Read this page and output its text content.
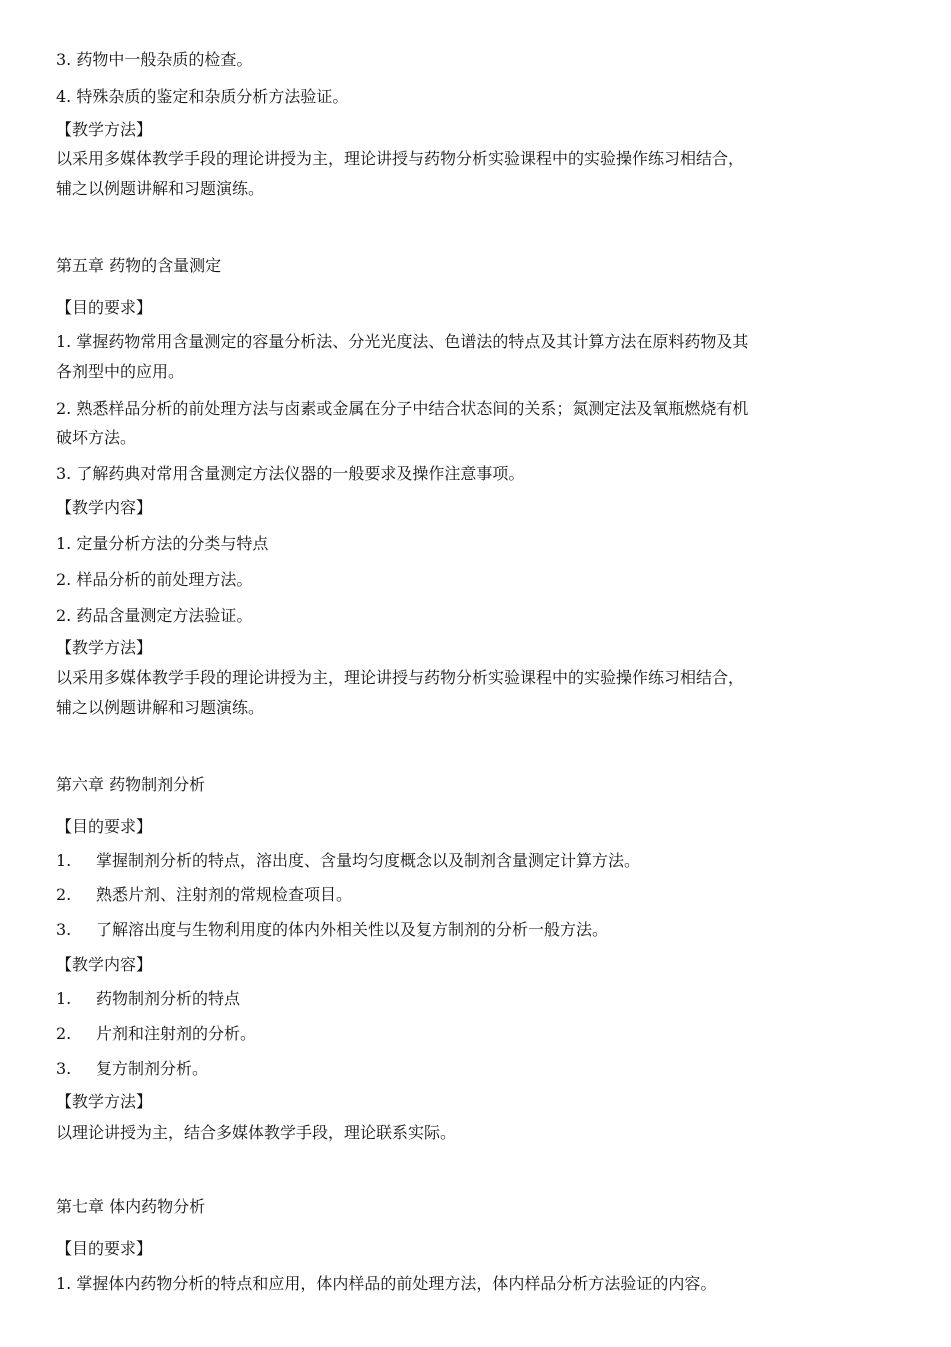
3. 药物中一般杂质的检查。
4. 特殊杂质的鉴定和杂质分析方法验证。
【教学方法】
以采用多媒体教学手段的理论讲授为主，理论讲授与药物分析实验课程中的实验操作练习相结合，
辅之以例题讲解和习题演练。
第五章 药物的含量测定
【目的要求】
1. 掌握药物常用含量测定的容量分析法、分光光度法、色谱法的特点及其计算方法在原料药物及其
各剂型中的应用。
2. 熟悉样品分析的前处理方法与卤素或金属在分子中结合状态间的关系；氮测定法及氧瓶燃烧有机
破坏方法。
3. 了解药典对常用含量测定方法仪器的一般要求及操作注意事项。
【教学内容】
1. 定量分析方法的分类与特点
2. 样品分析的前处理方法。
2. 药品含量测定方法验证。
【教学方法】
以采用多媒体教学手段的理论讲授为主，理论讲授与药物分析实验课程中的实验操作练习相结合，
辅之以例题讲解和习题演练。
第六章 药物制剂分析
【目的要求】
1. 掌握制剂分析的特点，溶出度、含量均匀度概念以及制剂含量测定计算方法。
2. 熟悉片剂、注射剂的常规检查项目。
3. 了解溶出度与生物利用度的体内外相关性以及复方制剂的分析一般方法。
【教学内容】
1. 药物制剂分析的特点
2. 片剂和注射剂的分析。
3. 复方制剂分析。
【教学方法】
以理论讲授为主，结合多媒体教学手段，理论联系实际。
第七章 体内药物分析
【目的要求】
1. 掌握体内药物分析的特点和应用，体内样品的前处理方法，体内样品分析方法验证的内容。
